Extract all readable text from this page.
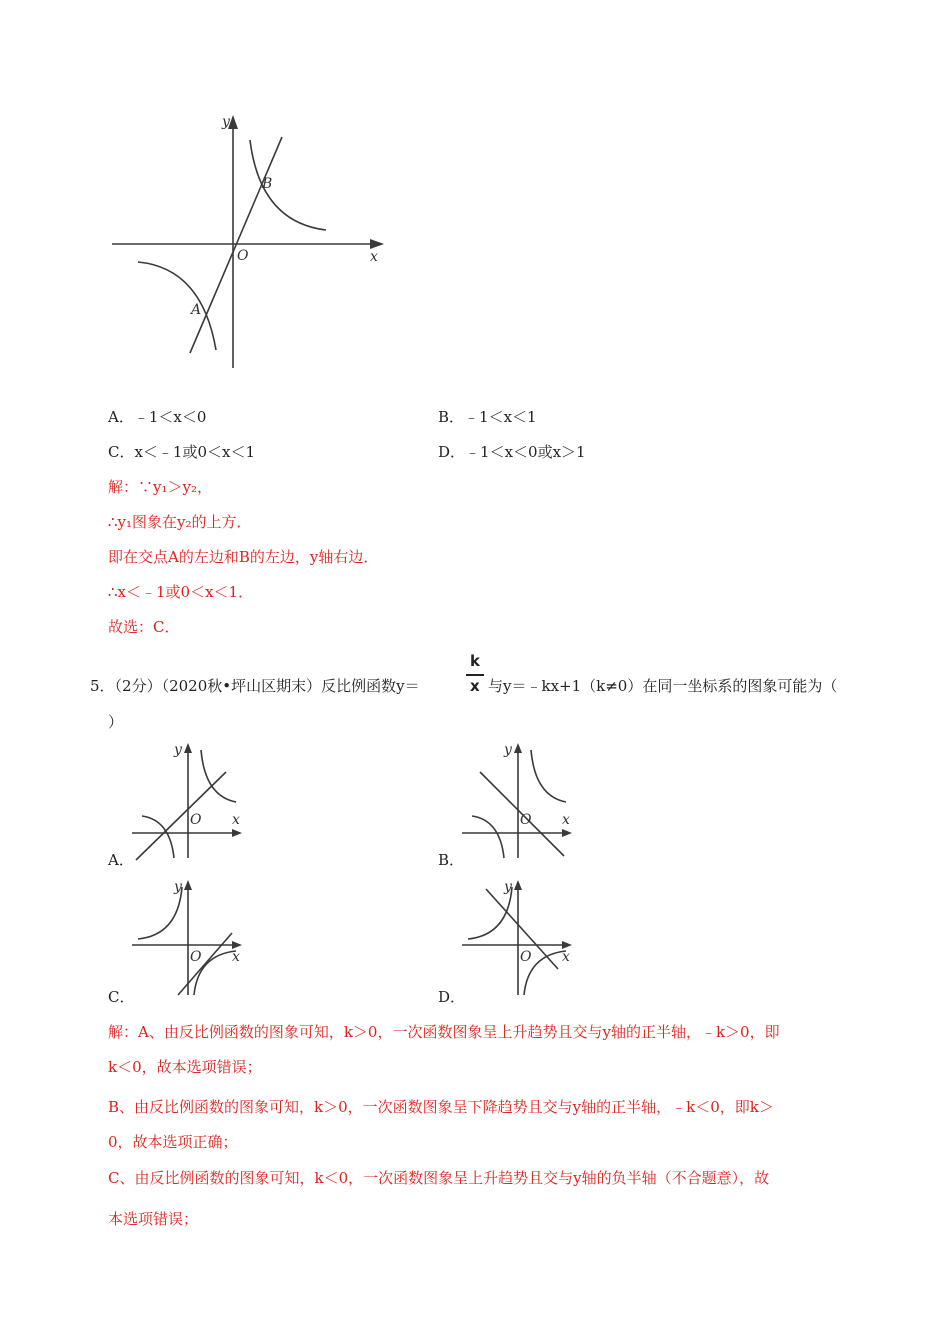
y
x
O
B
A
A．﹣1＜x＜0	B．﹣1＜x＜1
C．x＜﹣1或0＜x＜1	D．﹣1＜x＜0或x＞1
解：∵y₁＞y₂，
∴y₁图象在y₂的上方．
即在交点A的左边和B的左边，y轴右边．
∴x＜﹣1或0＜x＜1．
故选：C．
5．（2分）（2020秋•坪山区期末）反比例函数y＝
k
x 与y＝﹣kx+1（k≠0）在同一坐标系的图象可能为（
）
y
x
O
A．
y
x
O
B．
y
x
O
C．
y
x
O
D．
解：A、由反比例函数的图象可知，k＞0，一次函数图象呈上升趋势且交与y轴的正半轴，﹣k＞0，即
k＜0，故本选项错误；
B、由反比例函数的图象可知，k＞0，一次函数图象呈下降趋势且交与y轴的正半轴，﹣k＜0，即k＞
0，故本选项正确；
C、由反比例函数的图象可知，k＜0，一次函数图象呈上升趋势且交与y轴的负半轴（不合题意），故
本选项错误；
